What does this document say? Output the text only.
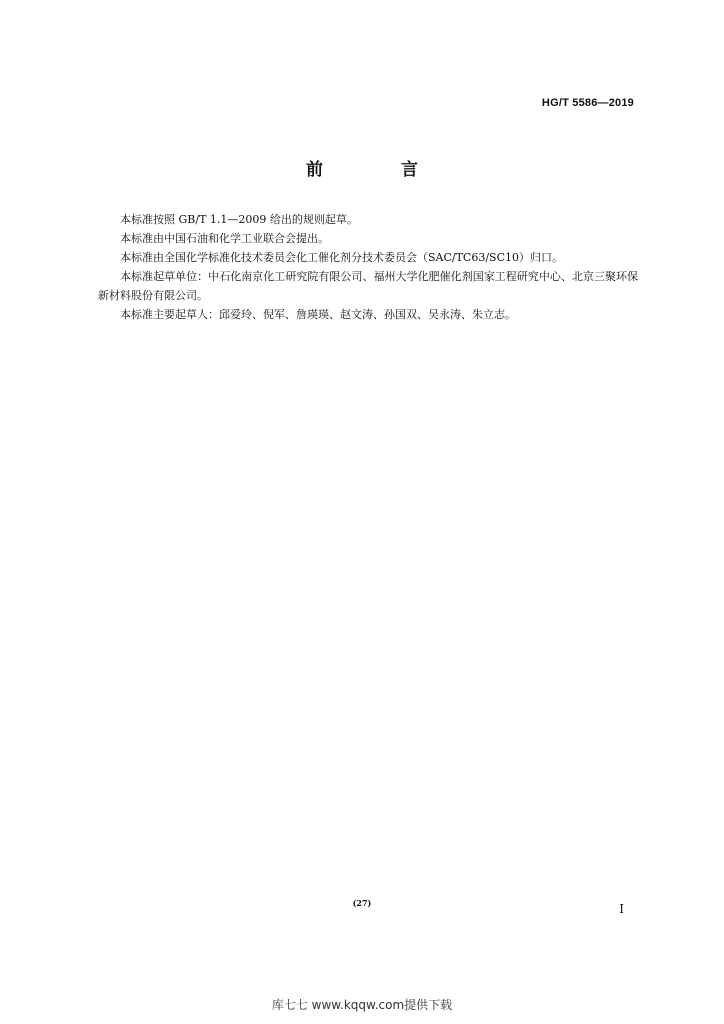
HG/T 5586—2019
前 言

本标准按照 GB/T 1.1—2009 给出的规则起草。

本标准由中国石油和化学工业联合会提出。

本标准由全国化学标准化技术委员会化工催化剂分技术委员会（SAC/TC63/SC10）归口。

本标准起草单位：中石化南京化工研究院有限公司、福州大学化肥催化剂国家工程研究中心、北京三聚环保新材料股份有限公司。

本标准主要起草人：邱爱玲、倪军、詹瑛瑛、赵文涛、孙国双、吴永涛、朱立志。

(27)	I
库七七 www.kqqw.com提供下载
